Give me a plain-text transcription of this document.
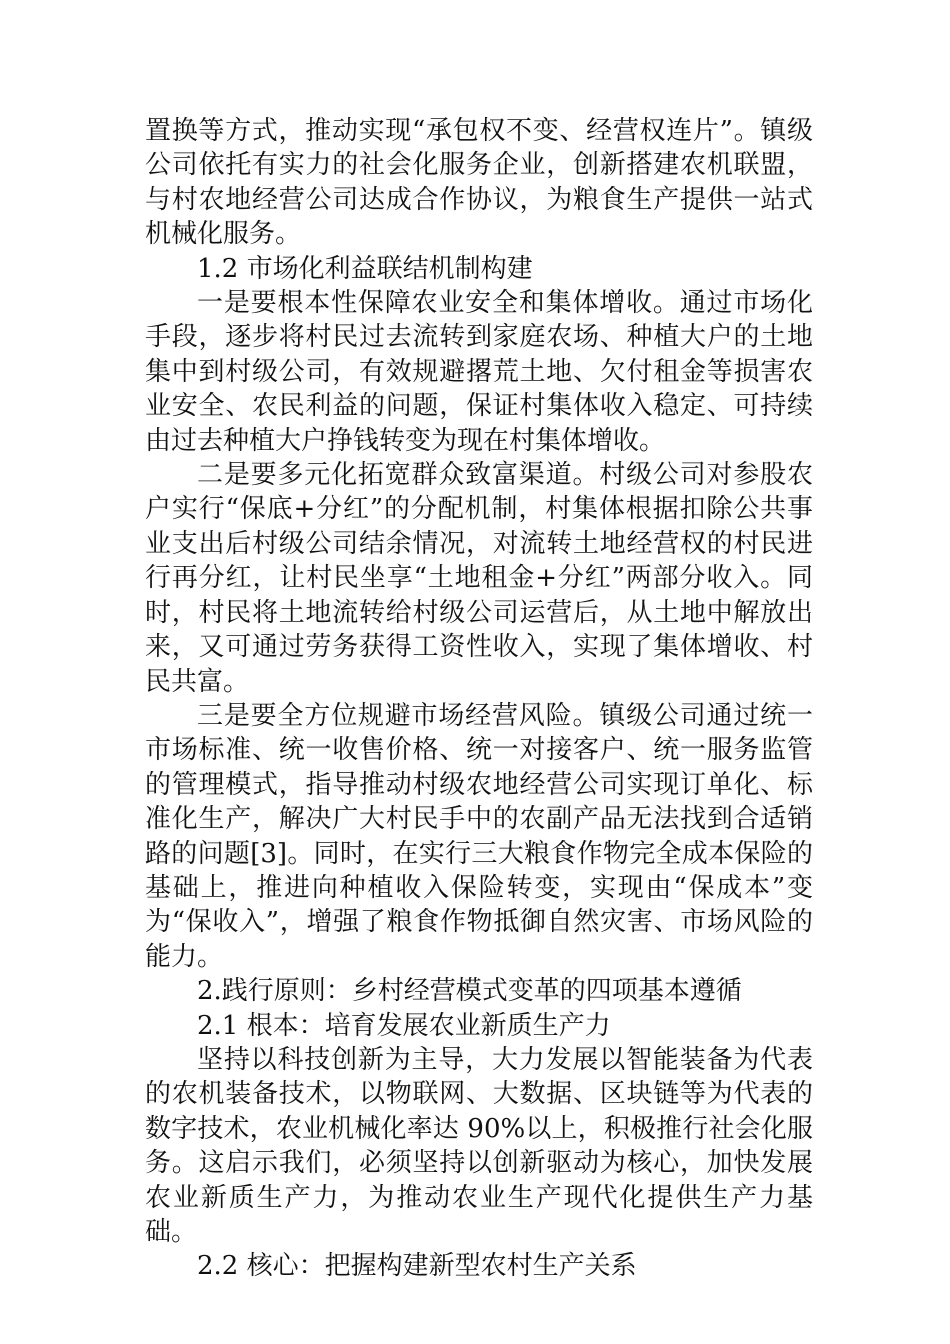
置换等方式，推动实现“承包权不变、经营权连片”。镇级公司依托有实力的社会化服务企业，创新搭建农机联盟，与村农地经营公司达成合作协议，为粮食生产提供一站式机械化服务。

1.2 市场化利益联结机制构建

一是要根本性保障农业安全和集体增收。通过市场化手段，逐步将村民过去流转到家庭农场、种植大户的土地集中到村级公司，有效规避撂荒土地、欠付租金等损害农业安全、农民利益的问题，保证村集体收入稳定、可持续由过去种植大户挣钱转变为现在村集体增收。

二是要多元化拓宽群众致富渠道。村级公司对参股农户实行“保底+分红”的分配机制，村集体根据扣除公共事业支出后村级公司结余情况，对流转土地经营权的村民进行再分红，让村民坐享“土地租金+分红”两部分收入。同时，村民将土地流转给村级公司运营后，从土地中解放出来，又可通过劳务获得工资性收入，实现了集体增收、村民共富。

三是要全方位规避市场经营风险。镇级公司通过统一市场标准、统一收售价格、统一对接客户、统一服务监管的管理模式，指导推动村级农地经营公司实现订单化、标准化生产，解决广大村民手中的农副产品无法找到合适销路的问题[3]。同时，在实行三大粮食作物完全成本保险的基础上，推进向种植收入保险转变，实现由“保成本”变为“保收入”，增强了粮食作物抵御自然灾害、市场风险的能力。

2.践行原则：乡村经营模式变革的四项基本遵循

2.1 根本：培育发展农业新质生产力

坚持以科技创新为主导，大力发展以智能装备为代表的农机装备技术，以物联网、大数据、区块链等为代表的数字技术，农业机械化率达 90%以上，积极推行社会化服务。这启示我们，必须坚持以创新驱动为核心，加快发展农业新质生产力，为推动农业生产现代化提供生产力基础。

2.2 核心：把握构建新型农村生产关系
